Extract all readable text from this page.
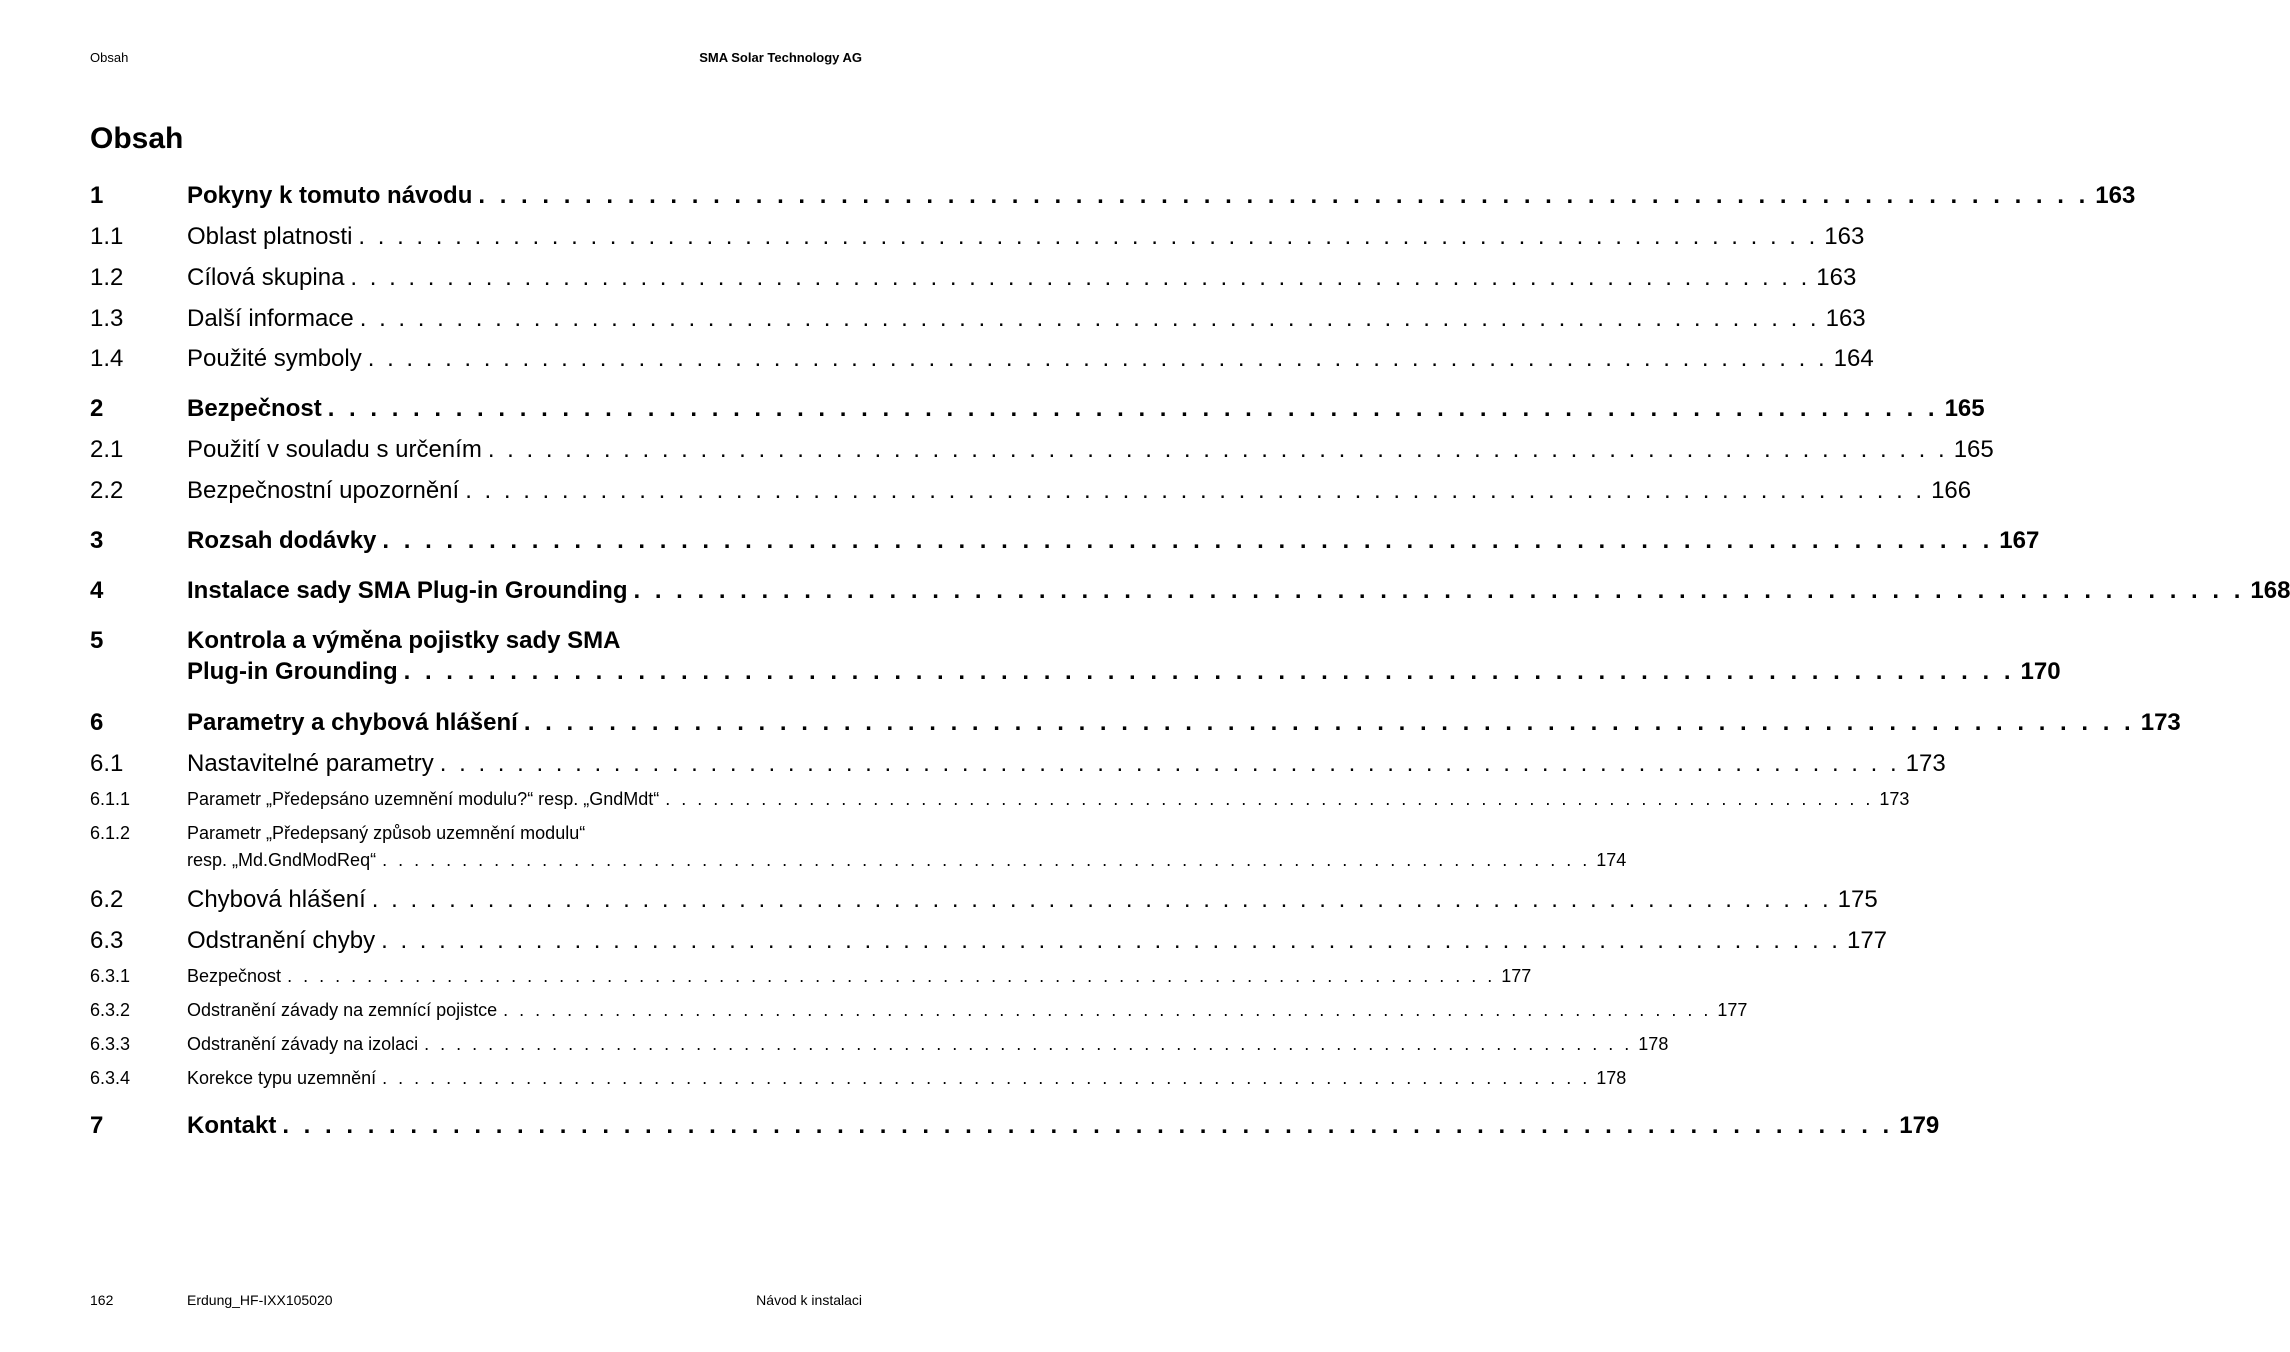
Obsah	SMA Solar Technology AG
Obsah
1	Pokyny k tomuto návodu . . . . . . . . . . . . . . . . . . . . . . . . . . . . . . . . . . . . . . . . . . . . . . . . . . . . . . . . . . . . . . . . . . . . . . . . . . . . 163
1.1	Oblast platnosti . . . . . . . . . . . . . . . . . . . . . . . . . . . . . . . . . . . . . . . . . . . . . . . . . . . . . . . . . . . . . . . . . . . . . . . . . . . . 163
1.2	Cílová skupina . . . . . . . . . . . . . . . . . . . . . . . . . . . . . . . . . . . . . . . . . . . . . . . . . . . . . . . . . . . . . . . . . . . . . . . . . . . . 163
1.3	Další informace . . . . . . . . . . . . . . . . . . . . . . . . . . . . . . . . . . . . . . . . . . . . . . . . . . . . . . . . . . . . . . . . . . . . . . . . . . . . 163
1.4	Použité symboly . . . . . . . . . . . . . . . . . . . . . . . . . . . . . . . . . . . . . . . . . . . . . . . . . . . . . . . . . . . . . . . . . . . . . . . . . . . . 164
2	Bezpečnost . . . . . . . . . . . . . . . . . . . . . . . . . . . . . . . . . . . . . . . . . . . . . . . . . . . . . . . . . . . . . . . . . . . . . . . . . . . . 165
2.1	Použití v souladu s určením . . . . . . . . . . . . . . . . . . . . . . . . . . . . . . . . . . . . . . . . . . . . . . . . . . . . . . . . . . . . . . . . . . . . . . . . . . . . 165
2.2	Bezpečnostní upozornění . . . . . . . . . . . . . . . . . . . . . . . . . . . . . . . . . . . . . . . . . . . . . . . . . . . . . . . . . . . . . . . . . . . . . . . . . . . . 166
3	Rozsah dodávky . . . . . . . . . . . . . . . . . . . . . . . . . . . . . . . . . . . . . . . . . . . . . . . . . . . . . . . . . . . . . . . . . . . . . . . . . . . . 167
4	Instalace sady SMA Plug-in Grounding . . . . . . . . . . . . . . . . . . . . . . . . . . . . . . . . . . . . . . . . . . . . . . . . . . . . . . . . . . . . . . . . . . . . . . . . . . . . 168
5	Kontrola a výměna pojistky sady SMA
Plug-in Grounding . . . . . . . . . . . . . . . . . . . . . . . . . . . . . . . . . . . . . . . . . . . . . . . . . . . . . . . . . . . . . . . . . . . . . . . . . . . . 170
6	Parametry a chybová hlášení . . . . . . . . . . . . . . . . . . . . . . . . . . . . . . . . . . . . . . . . . . . . . . . . . . . . . . . . . . . . . . . . . . . . . . . . . . . . 173
6.1	Nastavitelné parametry . . . . . . . . . . . . . . . . . . . . . . . . . . . . . . . . . . . . . . . . . . . . . . . . . . . . . . . . . . . . . . . . . . . . . . . . . . . . 173
6.1.1	Parametr „Předepsáno uzemnění modulu?“ resp. „GndMdt“ . . . . . . . . . . . . . . . . . . . . . . . . . . . . . . . . . . . . . . . . . . . . . . . . . . . . . . . . . . . . . . . . . . . . . . . . . . . . 173
6.1.2	Parametr „Předepsaný způsob uzemnění modulu“
resp. „Md.GndModReq“ . . . . . . . . . . . . . . . . . . . . . . . . . . . . . . . . . . . . . . . . . . . . . . . . . . . . . . . . . . . . . . . . . . . . . . . . . . . . 174
6.2	Chybová hlášení . . . . . . . . . . . . . . . . . . . . . . . . . . . . . . . . . . . . . . . . . . . . . . . . . . . . . . . . . . . . . . . . . . . . . . . . . . . . 175
6.3	Odstranění chyby . . . . . . . . . . . . . . . . . . . . . . . . . . . . . . . . . . . . . . . . . . . . . . . . . . . . . . . . . . . . . . . . . . . . . . . . . . . . 177
6.3.1	Bezpečnost . . . . . . . . . . . . . . . . . . . . . . . . . . . . . . . . . . . . . . . . . . . . . . . . . . . . . . . . . . . . . . . . . . . . . . . . . . . . 177
6.3.2	Odstranění závady na zemnící pojistce . . . . . . . . . . . . . . . . . . . . . . . . . . . . . . . . . . . . . . . . . . . . . . . . . . . . . . . . . . . . . . . . . . . . . . . . . . . . 177
6.3.3	Odstranění závady na izolaci . . . . . . . . . . . . . . . . . . . . . . . . . . . . . . . . . . . . . . . . . . . . . . . . . . . . . . . . . . . . . . . . . . . . . . . . . . . . 178
6.3.4	Korekce typu uzemnění . . . . . . . . . . . . . . . . . . . . . . . . . . . . . . . . . . . . . . . . . . . . . . . . . . . . . . . . . . . . . . . . . . . . . . . . . . . . 178
7	Kontakt . . . . . . . . . . . . . . . . . . . . . . . . . . . . . . . . . . . . . . . . . . . . . . . . . . . . . . . . . . . . . . . . . . . . . . . . . . . . 179
162	Erdung_HF-IXX105020	Návod k instalaci
